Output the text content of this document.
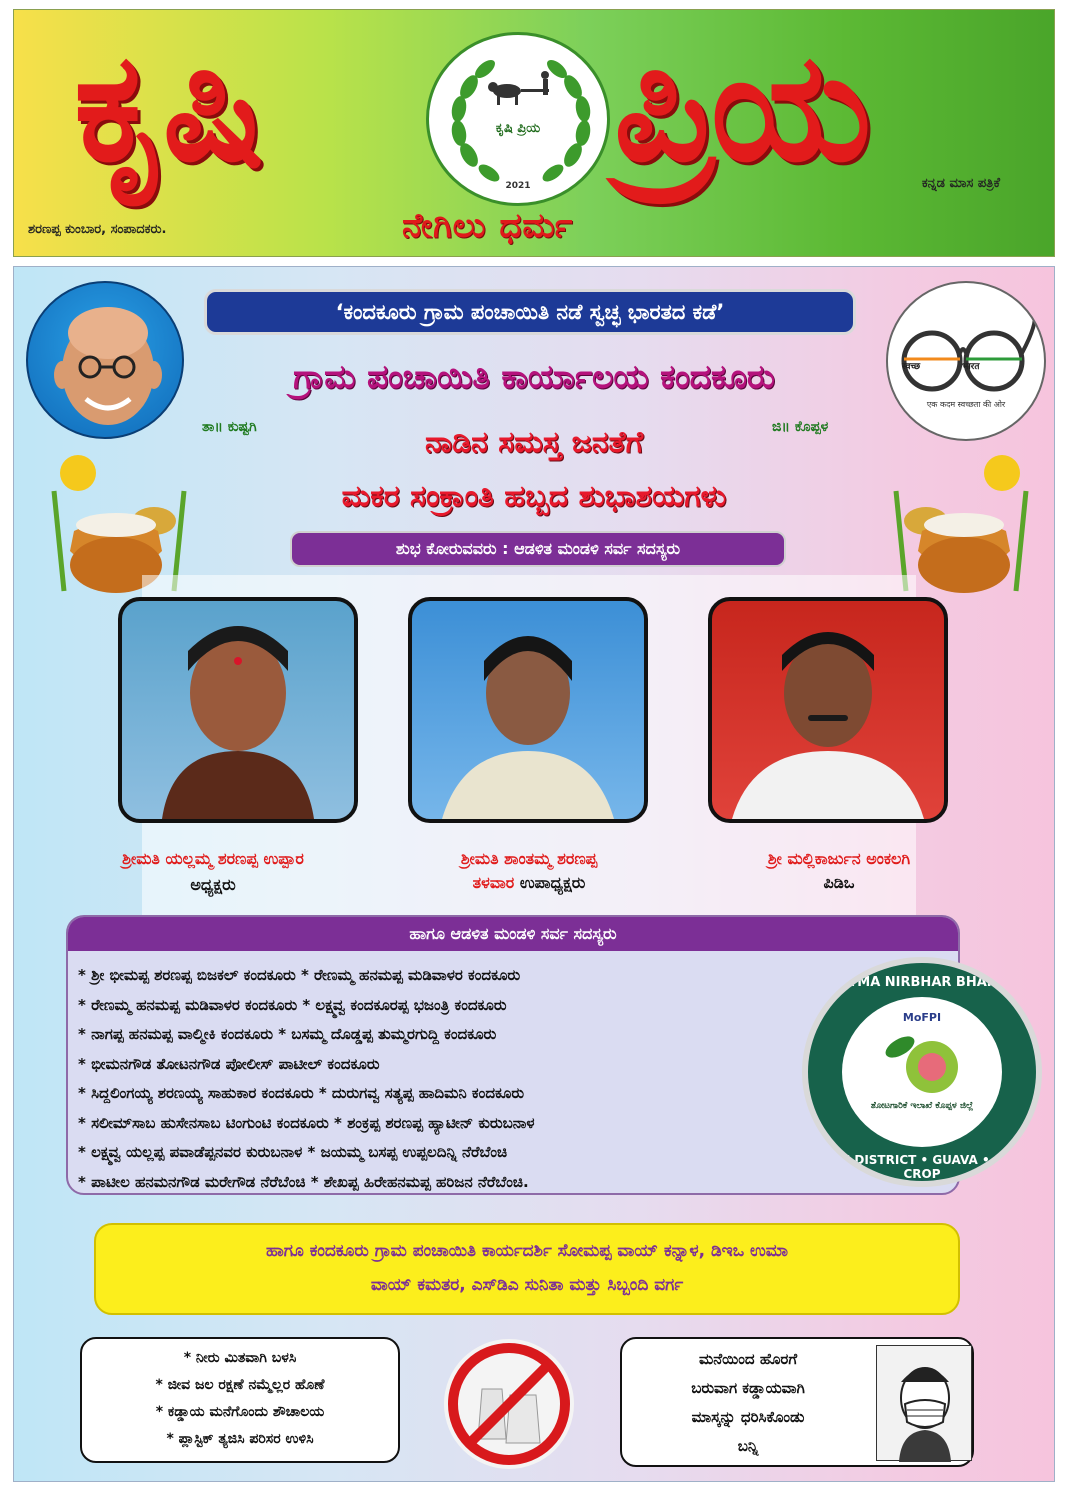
ಕೃಷಿ	ಕೃಷಿ ಪ್ರಿಯ
2021 ಪ್ರಿಯ	ಕನ್ನಡ ಮಾಸ ಪತ್ರಿಕೆ
ಶರಣಪ್ಪ ಕುಂಬಾರ, ಸಂಪಾದಕರು.	ನೇಗಿಲು ಧರ್ಮ
‘ಕಂದಕೂರು ಗ್ರಾಮ ಪಂಚಾಯಿತಿ ನಡೆ ಸ್ವಚ್ಛ ಭಾರತದ ಕಡೆ’
स्वच्छ	भारत
एक कदम स्वच्छता की ओर
ಗ್ರಾಮ ಪಂಚಾಯಿತಿ ಕಾರ್ಯಾಲಯ ಕಂದಕೂರು
ತಾ॥ ಕುಷ್ಟಗಿ	ಜಿ॥ ಕೊಪ್ಪಳ
ನಾಡಿನ ಸಮಸ್ತ ಜನತೆಗೆ
ಮಕರ ಸಂಕ್ರಾಂತಿ ಹಬ್ಬದ ಶುಭಾಶಯಗಳು
ಶುಭ ಕೋರುವವರು : ಆಡಳಿತ ಮಂಡಳಿ ಸರ್ವ ಸದಸ್ಯರು
ಶ್ರೀಮತಿ ಯಲ್ಲಮ್ಮ ಶರಣಪ್ಪ ಉಪ್ಪಾರ
ಅಧ್ಯಕ್ಷರು
ಶ್ರೀಮತಿ ಶಾಂತಮ್ಮ ಶರಣಪ್ಪ
ತಳವಾರ ಉಪಾಧ್ಯಕ್ಷರು
ಶ್ರೀ ಮಲ್ಲಿಕಾರ್ಜುನ ಅಂಕಲಗಿ
ಪಿಡಿಒ
ಹಾಗೂ ಆಡಳಿತ ಮಂಡಳಿ ಸರ್ವ ಸದಸ್ಯರು
* ಶ್ರೀ ಭೀಮಪ್ಪ ಶರಣಪ್ಪ ಬಿಜಕಲ್ ಕಂದಕೂರು * ರೇಣಮ್ಮ ಹನಮಪ್ಪ ಮಡಿವಾಳರ ಕಂದಕೂರು
* ರೇಣಮ್ಮ ಹನಮಪ್ಪ ಮಡಿವಾಳರ ಕಂದಕೂರು * ಲಕ್ಷ್ಮವ್ವ ಕಂದಕೂರಪ್ಪ ಭಜಂತ್ರಿ ಕಂದಕೂರು
* ನಾಗಪ್ಪ ಹನಮಪ್ಪ ವಾಲ್ಮೀಕಿ ಕಂದಕೂರು * ಬಸಮ್ಮ ದೊಡ್ಡಪ್ಪ ತುಮ್ಮರಗುದ್ದಿ ಕಂದಕೂರು
* ಭೀಮನಗೌಡ ತೋಟನಗೌಡ ಪೋಲೀಸ್ ಪಾಟೀಲ್ ಕಂದಕೂರು
* ಸಿದ್ದಲಿಂಗಯ್ಯ ಶರಣಯ್ಯ ಸಾಹುಕಾರ ಕಂದಕೂರು * ದುರುಗವ್ವ ಸತ್ಯಪ್ಪ ಹಾದಿಮನಿ ಕಂದಕೂರು
* ಸಲೀಮ್‌ಸಾಬ ಹುಸೇನಸಾಬ ಟಿಂಗುಂಟಿ ಕಂದಕೂರು * ಶಂಕ್ರಪ್ಪ ಶರಣಪ್ಪ ಹ್ಯಾಟೀನ್ ಕುರುಬನಾಳ
* ಲಕ್ಷ್ಮವ್ವ ಯಲ್ಲಪ್ಪ ಪವಾಡೆಪ್ಪನವರ ಕುರುಬನಾಳ * ಜಯಮ್ಮ ಬಸಪ್ಪ ಉಪ್ಪಲದಿನ್ನಿ ನೆರೆಬೆಂಚಿ
* ಪಾಟೀಲ ಹನಮನಗೌಡ ಮರೇಗೌಡ ನೆರೆಬೆಂಚಿ * ಶೇಖಪ್ಪ ಹಿರೇಹನಮಪ್ಪ ಹರಿಜನ ನೆರೆಬೆಂಚಿ.
AATMA NIRBHAR BHARAT
MoFPI
ತೋಟಗಾರಿಕೆ ಇಲಾಖೆ ಕೊಪ್ಪಳ ಜಿಲ್ಲೆ
ONE DISTRICT • GUAVA • ONE CROP
ಹಾಗೂ ಕಂದಕೂರು ಗ್ರಾಮ ಪಂಚಾಯಿತಿ ಕಾರ್ಯದರ್ಶಿ ಸೋಮಪ್ಪ ವಾಯ್ ಕನ್ನಾಳ, ಡಿಇಒ ಉಮಾ
ವಾಯ್ ಕಮತರ, ಎಸ್‌ಡಿಎ ಸುನಿತಾ ಮತ್ತು ಸಿಬ್ಬಂದಿ ವರ್ಗ
* ನೀರು ಮಿತವಾಗಿ ಬಳಸಿ
* ಜೀವ ಜಲ ರಕ್ಷಣೆ ನಮ್ಮೆಲ್ಲರ ಹೊಣೆ
* ಕಡ್ಡಾಯ ಮನೆಗೊಂದು ಶೌಚಾಲಯ
* ಪ್ಲಾಸ್ಟಿಕ್ ತ್ಯಜಿಸಿ ಪರಿಸರ ಉಳಿಸಿ
ಮನೆಯಿಂದ ಹೊರಗೆ
ಬರುವಾಗ ಕಡ್ಡಾಯವಾಗಿ
ಮಾಸ್ಕನ್ನು ಧರಿಸಿಕೊಂಡು
ಬನ್ನಿ
